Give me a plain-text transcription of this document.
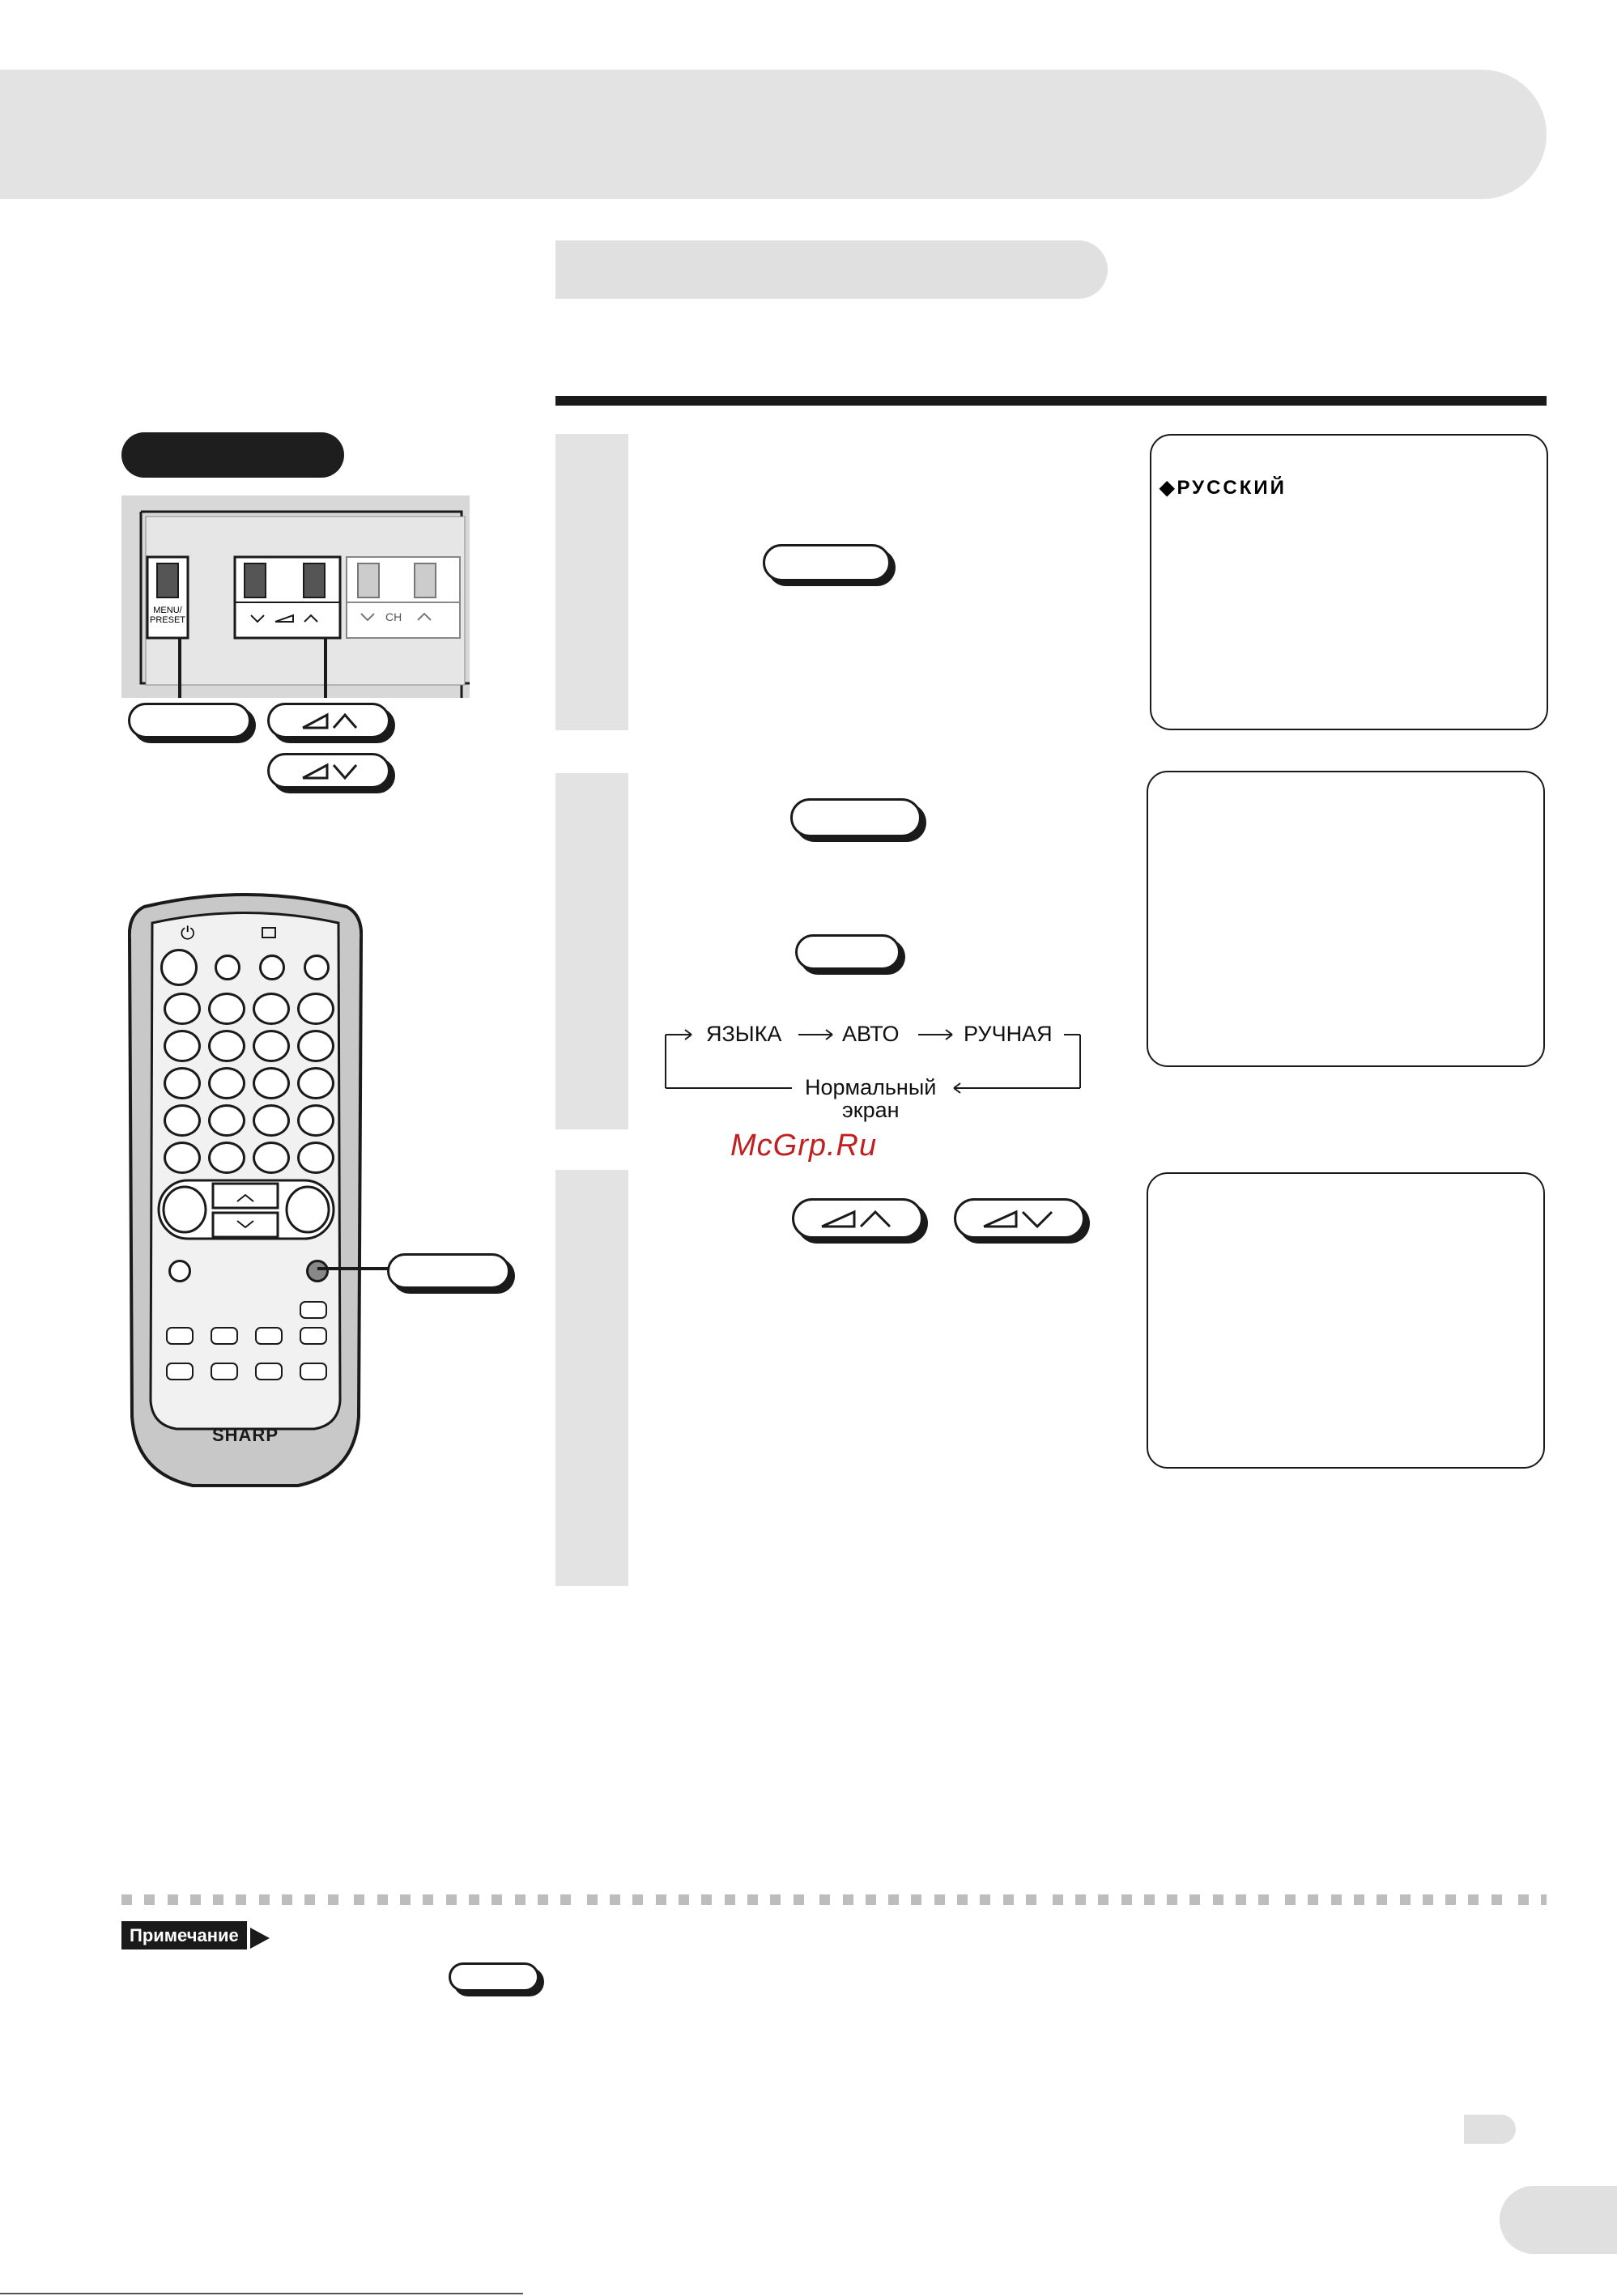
MENU/
PRESET	CH
⏻
SHARP
◆РУССКИЙ
ЯЗЫКА	АВТО	РУЧНАЯ
Нормальный
экран
McGrp.Ru

Примечание
